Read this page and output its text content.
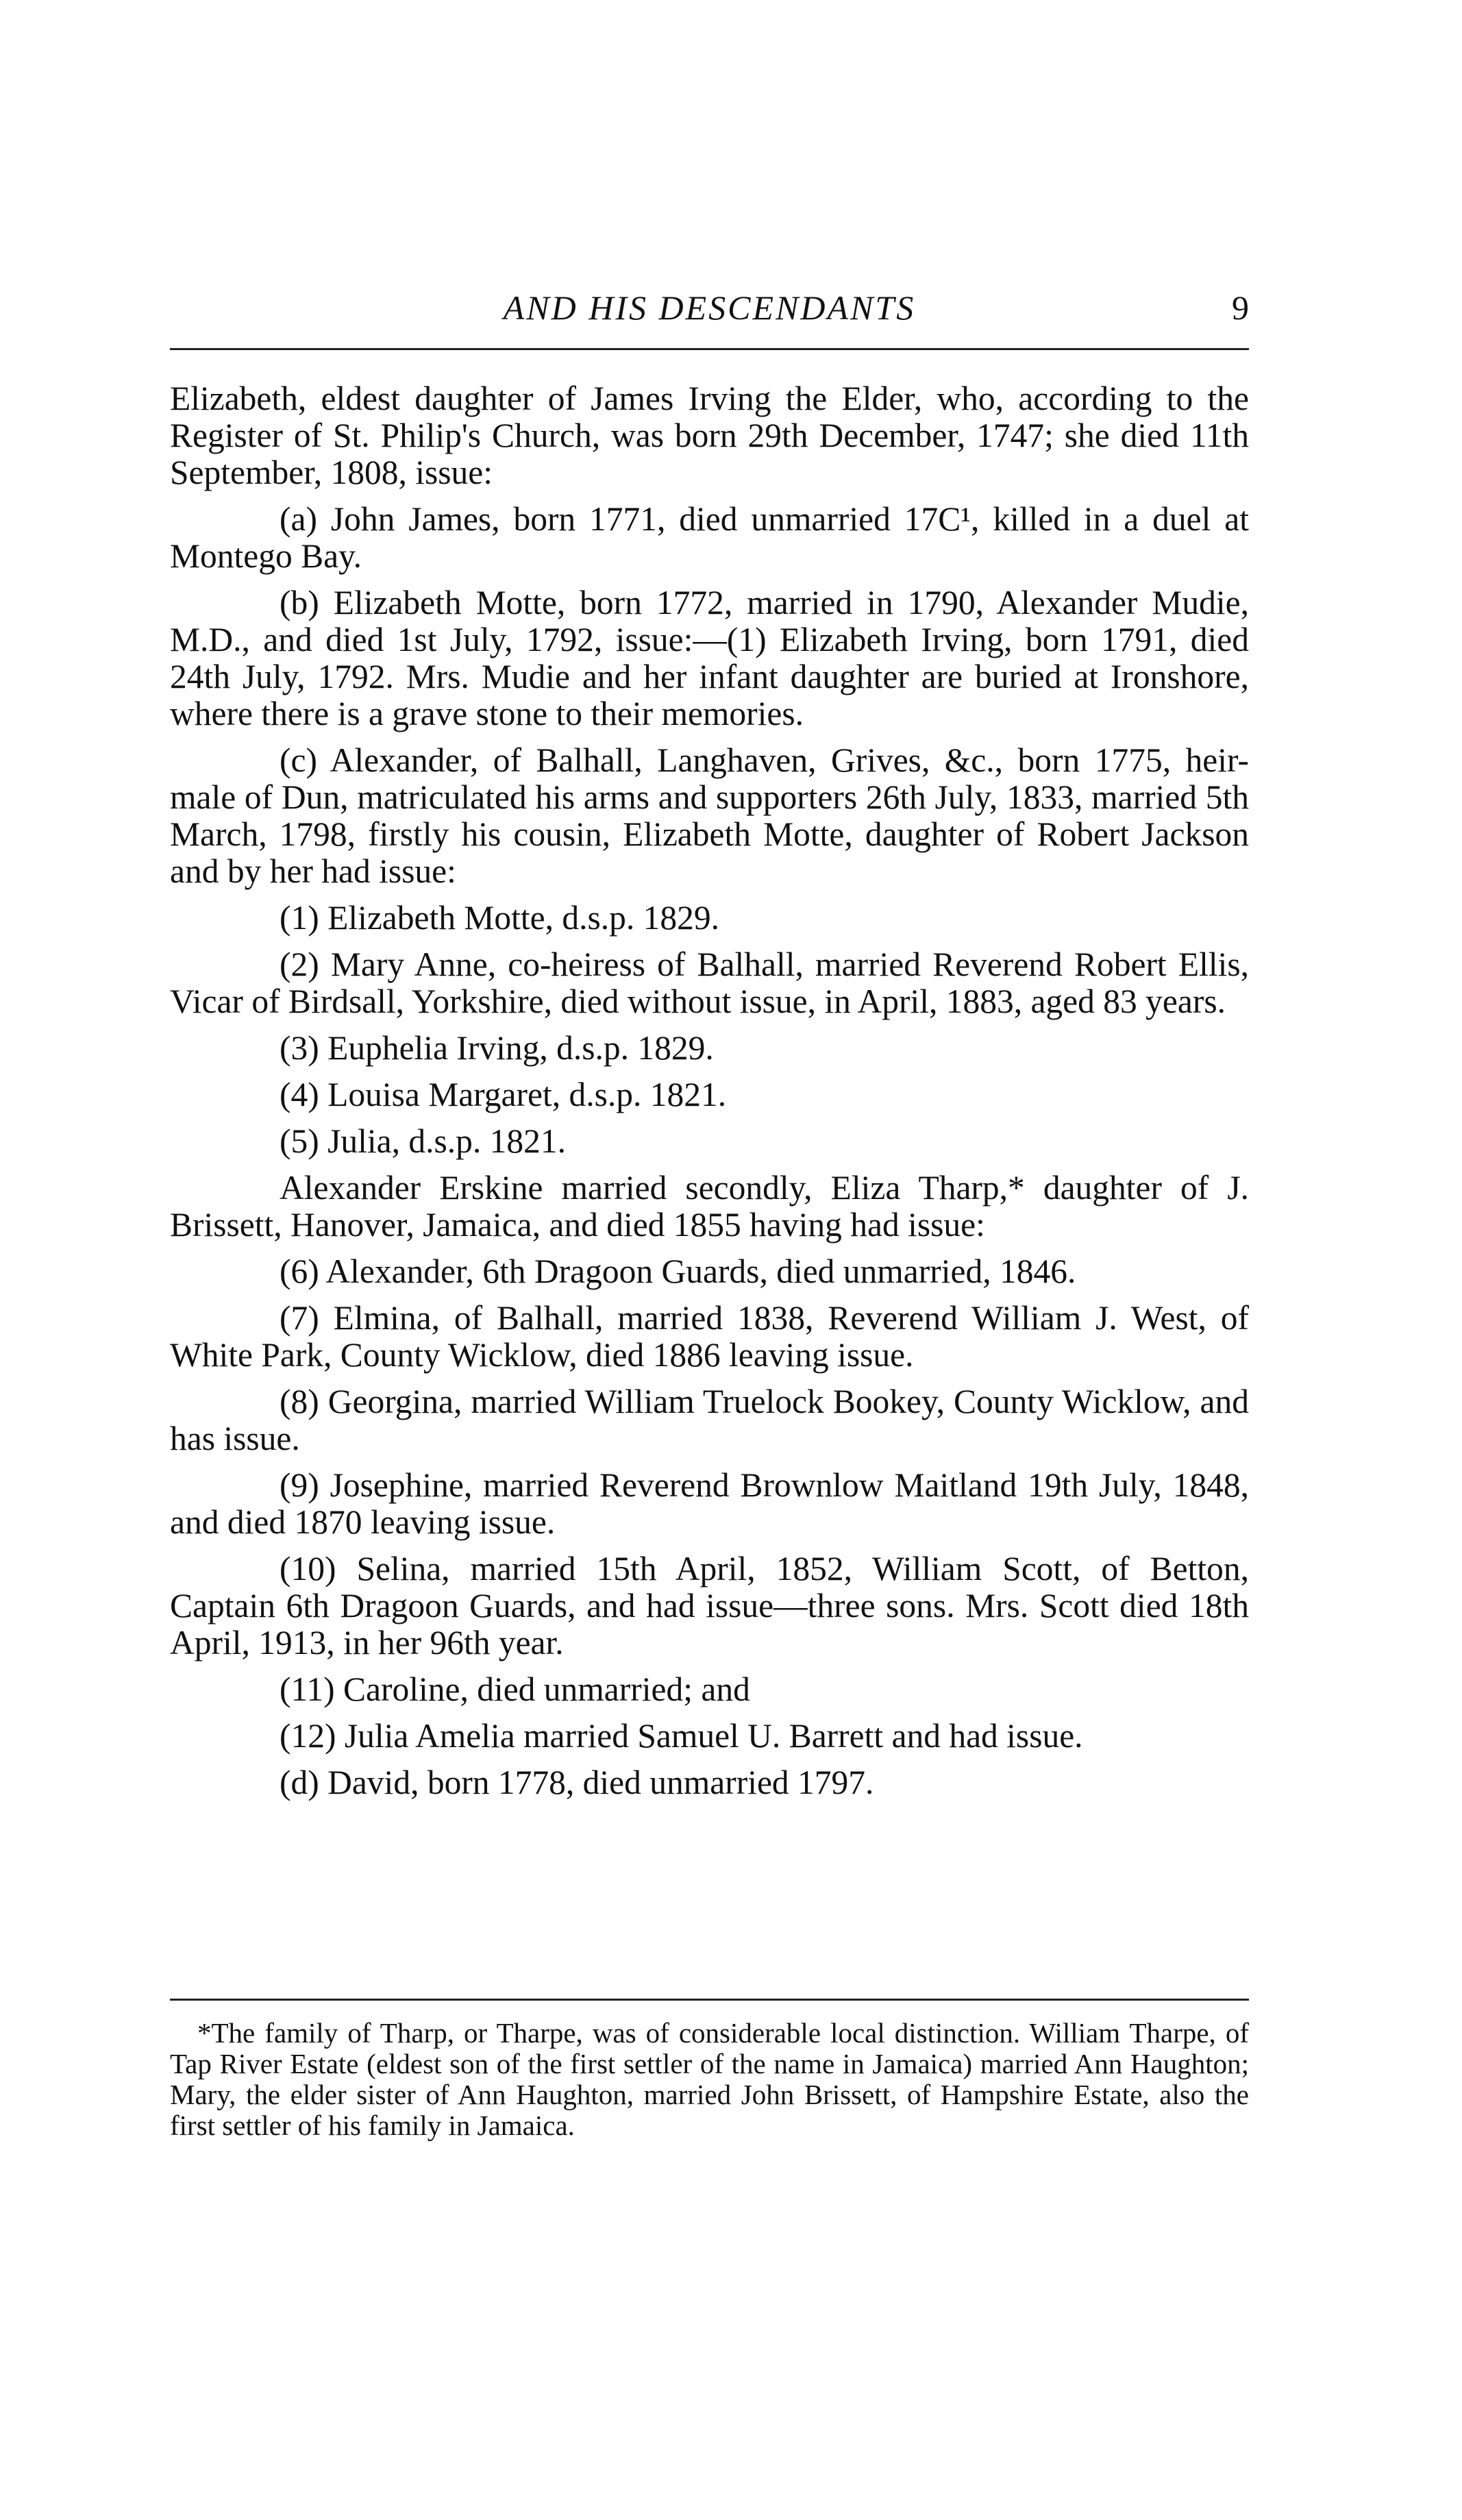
AND HIS DESCENDANTS	9

Elizabeth, eldest daughter of James Irving the Elder, who, according to the Register of St. Philip's Church, was born 29th December, 1747; she died 11th September, 1808, issue:

(a) John James, born 1771, died unmarried 17C¹, killed in a duel at Montego Bay.

(b) Elizabeth Motte, born 1772, married in 1790, Alexander Mudie, M.D., and died 1st July, 1792, issue:—(1) Elizabeth Irving, born 1791, died 24th July, 1792. Mrs. Mudie and her infant daughter are buried at Ironshore, where there is a grave stone to their memories.

(c) Alexander, of Balhall, Langhaven, Grives, &c., born 1775, heir-male of Dun, matriculated his arms and supporters 26th July, 1833, married 5th March, 1798, firstly his cousin, Elizabeth Motte, daughter of Robert Jackson and by her had issue:

(1) Elizabeth Motte, d.s.p. 1829.

(2) Mary Anne, co-heiress of Balhall, married Reverend Robert Ellis, Vicar of Birdsall, Yorkshire, died without issue, in April, 1883, aged 83 years.

(3) Euphelia Irving, d.s.p. 1829.

(4) Louisa Margaret, d.s.p. 1821.

(5) Julia, d.s.p. 1821.

Alexander Erskine married secondly, Eliza Tharp,* daughter of J. Brissett, Hanover, Jamaica, and died 1855 having had issue:

(6) Alexander, 6th Dragoon Guards, died unmarried, 1846.

(7) Elmina, of Balhall, married 1838, Reverend William J. West, of White Park, County Wicklow, died 1886 leaving issue.

(8) Georgina, married William Truelock Bookey, County Wicklow, and has issue.

(9) Josephine, married Reverend Brownlow Maitland 19th July, 1848, and died 1870 leaving issue.

(10) Selina, married 15th April, 1852, William Scott, of Betton, Captain 6th Dragoon Guards, and had issue—three sons. Mrs. Scott died 18th April, 1913, in her 96th year.

(11) Caroline, died unmarried; and

(12) Julia Amelia married Samuel U. Barrett and had issue.

(d) David, born 1778, died unmarried 1797.

*The family of Tharp, or Tharpe, was of considerable local distinction. William Tharpe, of Tap River Estate (eldest son of the first settler of the name in Jamaica) married Ann Haughton; Mary, the elder sister of Ann Haughton, married John Brissett, of Hampshire Estate, also the first settler of his family in Jamaica.
